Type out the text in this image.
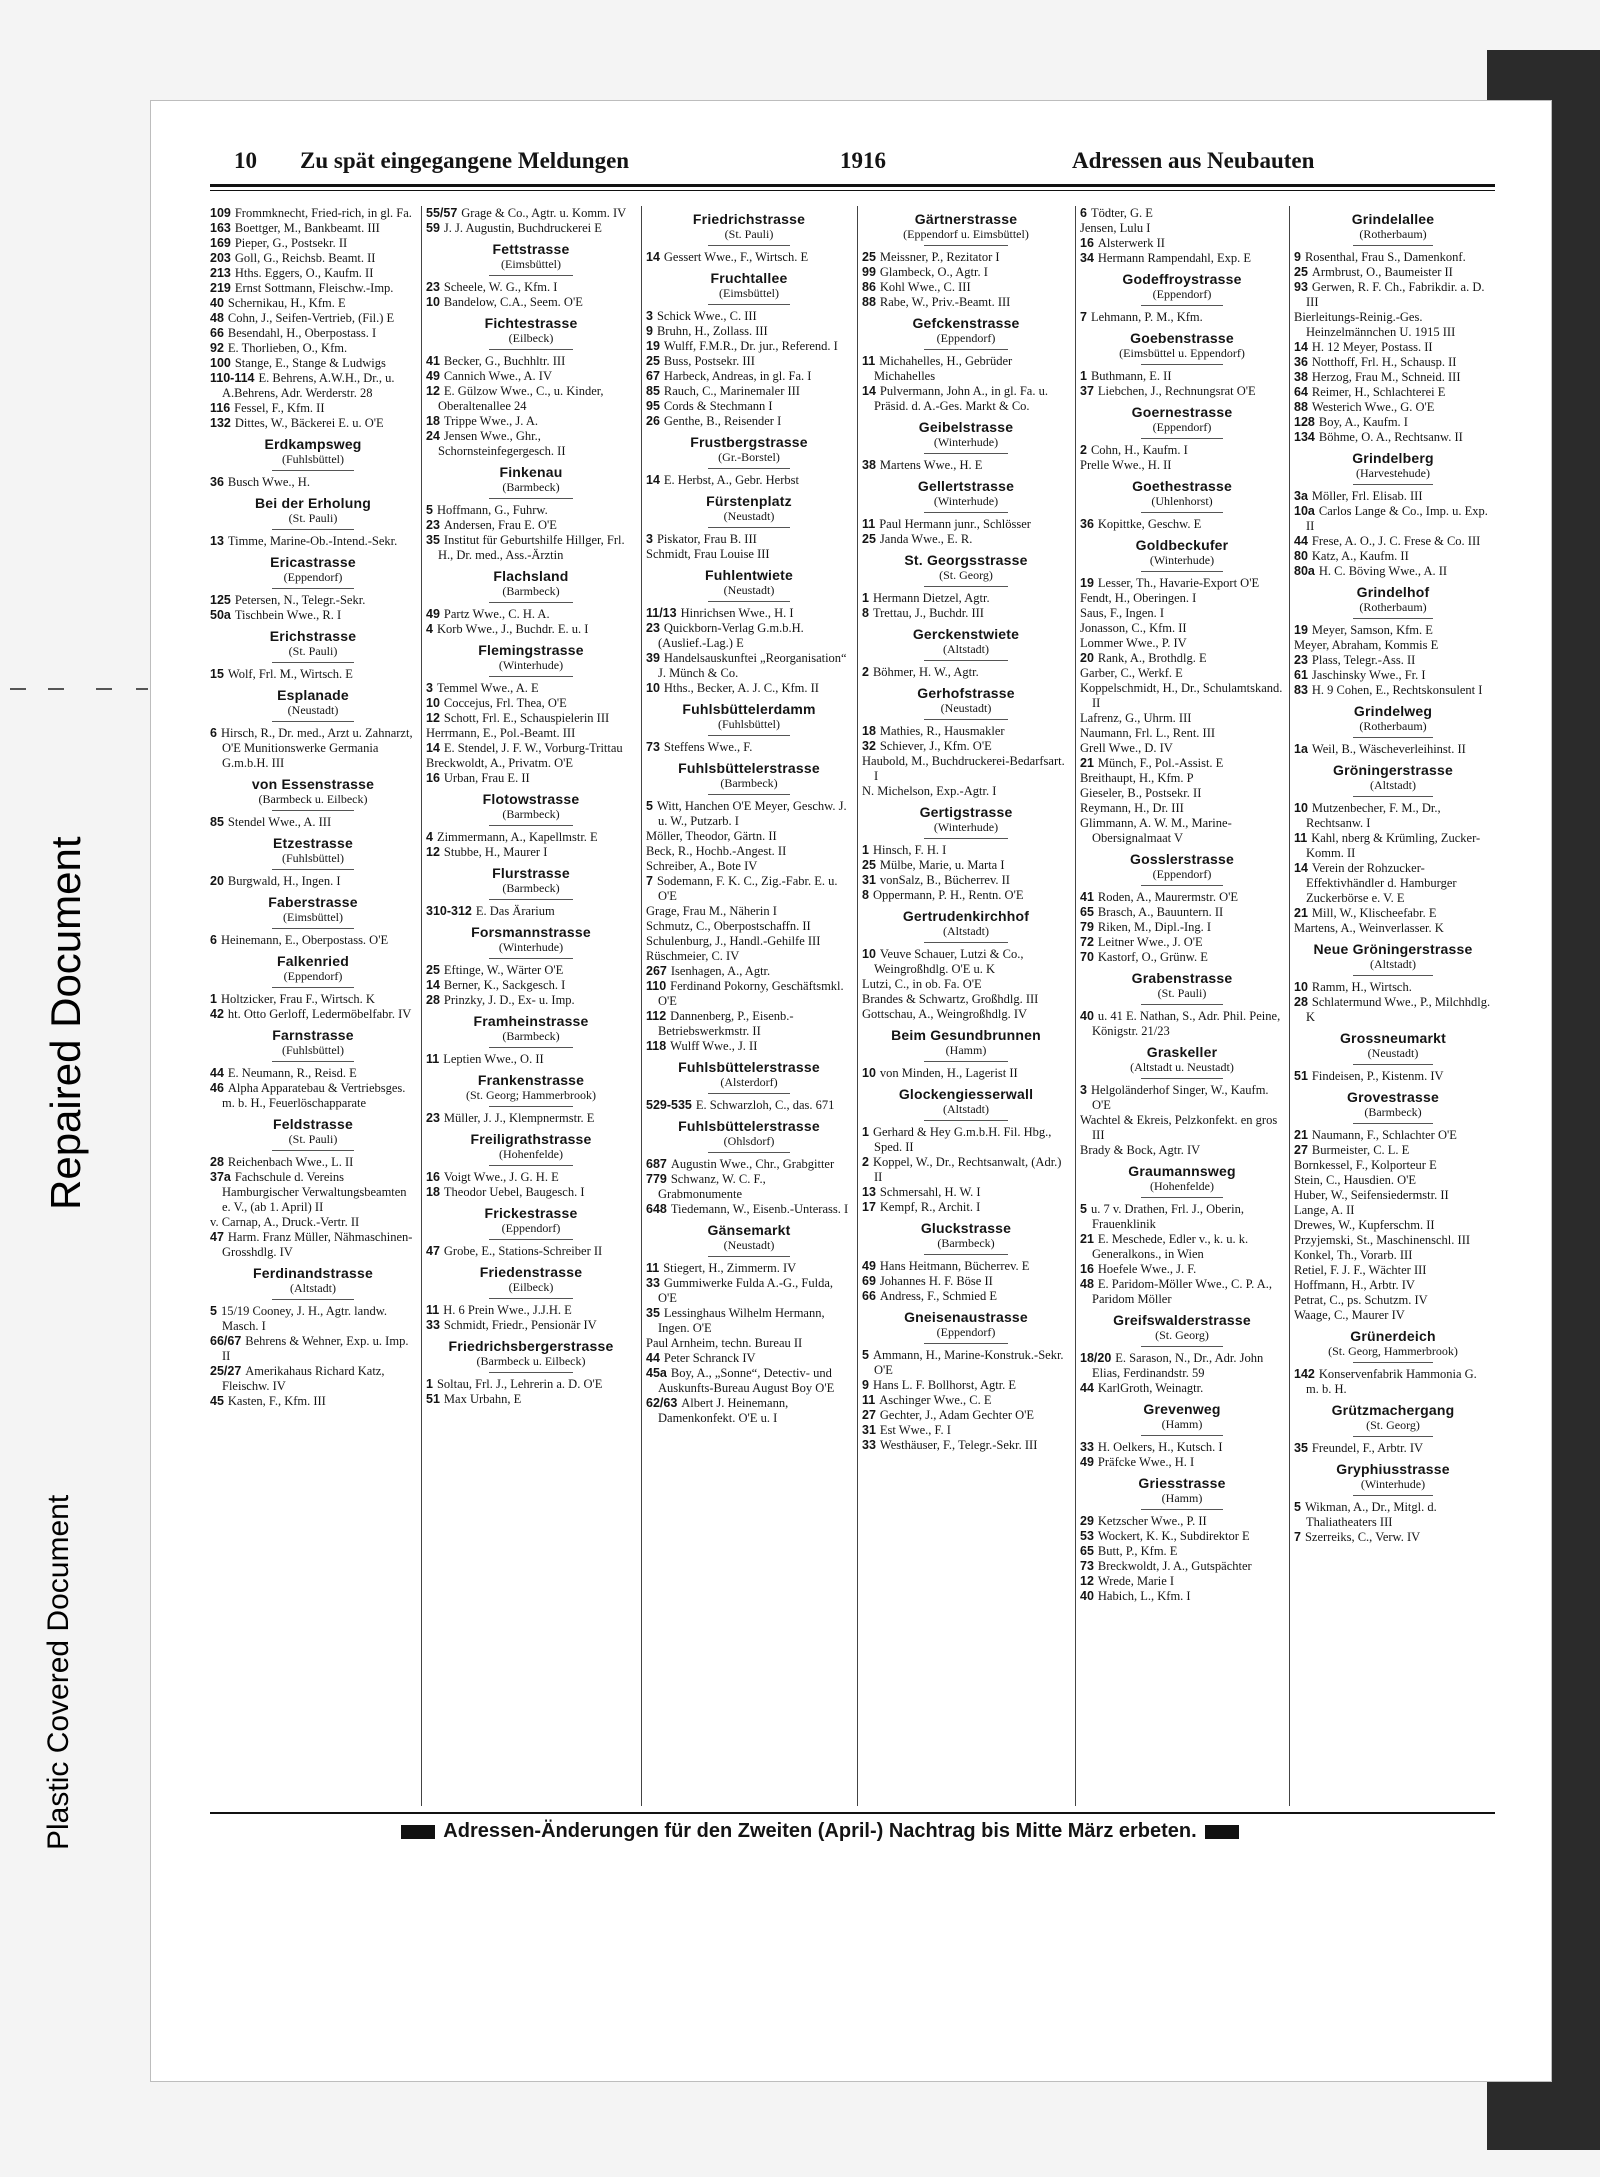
Repaired Document
Plastic Covered Document
10 Zu spät eingegangene Meldungen	1916	Adressen aus Neubauten
109 Frommknecht, Fried-rich, in gl. Fa.
163 Boettger, M., Bankbeamt. III
169 Pieper, G., Postsekr. II
203 Goll, G., Reichsb. Beamt. II
213 Hths. Eggers, O., Kaufm. II
219 Ernst Sottmann, Fleischw.-Imp.
40 Schernikau, H., Kfm. E
48 Cohn, J., Seifen-Vertrieb, (Fil.) E
66 Besendahl, H., Oberpostass. I
92 E. Thorlieben, O., Kfm.
100 Stange, E., Stange & Ludwigs
110-114 E. Behrens, A.W.H., Dr., u. A.Behrens, Adr. Werderstr. 28
116 Fessel, F., Kfm. II
132 Dittes, W., Bäckerei E. u. O'E
Erdkampsweg
(Fuhlsbüttel)
36 Busch Wwe., H.
Bei der Erholung
(St. Pauli)
13 Timme, Marine-Ob.-Intend.-Sekr.
Ericastrasse
(Eppendorf)
125 Petersen, N., Telegr.-Sekr.
50a Tischbein Wwe., R. I
Erichstrasse
(St. Pauli)
15 Wolf, Frl. M., Wirtsch. E
Esplanade
(Neustadt)
6 Hirsch, R., Dr. med., Arzt u. Zahnarzt, O'E Munitionswerke Germania G.m.b.H. III
von Essenstrasse
(Barmbeck u. Eilbeck)
85 Stendel Wwe., A. III
Etzestrasse
(Fuhlsbüttel)
20 Burgwald, H., Ingen. I
Faberstrasse
(Eimsbüttel)
6 Heinemann, E., Oberpostass. O'E
Falkenried
(Eppendorf)
1 Holtzicker, Frau F., Wirtsch. K
42 ht. Otto Gerloff, Ledermöbelfabr. IV
Farnstrasse
(Fuhlsbüttel)
44 E. Neumann, R., Reisd. E
46 Alpha Apparatebau & Vertriebsges. m. b. H., Feuerlöschapparate
Feldstrasse
(St. Pauli)
28 Reichenbach Wwe., L. II
37a Fachschule d. Vereins Hamburgischer Verwaltungsbeamten e. V., (ab 1. April) II
v. Carnap, A., Druck.-Vertr. II
47 Harm. Franz Müller, Nähmaschinen-Grosshdlg. IV
Ferdinandstrasse
(Altstadt)
5 15/19 Cooney, J. H., Agtr. landw. Masch. I
66/67 Behrens & Wehner, Exp. u. Imp. II
25/27 Amerikahaus Richard Katz, Fleischw. IV
45 Kasten, F., Kfm. III
55/57 Grage & Co., Agtr. u. Komm. IV
59 J. J. Augustin, Buchdruckerei E
Fettstrasse
(Eimsbüttel)
23 Scheele, W. G., Kfm. I
10 Bandelow, C.A., Seem. O'E
Fichtestrasse
(Eilbeck)
41 Becker, G., Buchhltr. III
49 Cannich Wwe., A. IV
12 E. Gülzow Wwe., C., u. Kinder, Oberaltenallee 24
18 Trippe Wwe., J. A.
24 Jensen Wwe., Ghr., Schornsteinfegergesch. II
Finkenau
(Barmbeck)
5 Hoffmann, G., Fuhrw.
23 Andersen, Frau E. O'E
35 Institut für Geburtshilfe Hillger, Frl. H., Dr. med., Ass.-Ärztin
Flachsland
(Barmbeck)
49 Partz Wwe., C. H. A.
4 Korb Wwe., J., Buchdr. E. u. I
Flemingstrasse
(Winterhude)
3 Temmel Wwe., A. E
10 Coccejus, Frl. Thea, O'E
12 Schott, Frl. E., Schauspielerin III
Herrmann, E., Pol.-Beamt. III
14 E. Stendel, J. F. W., Vorburg-Trittau
Breckwoldt, A., Privatm. O'E
16 Urban, Frau E. II
Flotowstrasse
(Barmbeck)
4 Zimmermann, A., Kapellmstr. E
12 Stubbe, H., Maurer I
Flurstrasse
(Barmbeck)
310-312 E. Das Ärarium
Forsmannstrasse
(Winterhude)
25 Eftinge, W., Wärter O'E
14 Berner, K., Sackgesch. I
28 Prinzky, J. D., Ex- u. Imp.
Framheinstrasse
(Barmbeck)
11 Leptien Wwe., O. II
Frankenstrasse
(St. Georg; Hammerbrook)
23 Müller, J. J., Klempnermstr. E
Freiligrathstrasse
(Hohenfelde)
16 Voigt Wwe., J. G. H. E
18 Theodor Uebel, Baugesch. I
Frickestrasse
(Eppendorf)
47 Grobe, E., Stations-Schreiber II
Friedenstrasse
(Eilbeck)
11 H. 6 Prein Wwe., J.J.H. E
33 Schmidt, Friedr., Pensionär IV
Friedrichsbergerstrasse
(Barmbeck u. Eilbeck)
1 Soltau, Frl. J., Lehrerin a. D. O'E
51 Max Urbahn, E
Friedrichstrasse
(St. Pauli)
14 Gessert Wwe., F., Wirtsch. E
Fruchtallee
(Eimsbüttel)
3 Schick Wwe., C. III
9 Bruhn, H., Zollass. III
19 Wulff, F.M.R., Dr. jur., Referend. I
25 Buss, Postsekr. III
67 Harbeck, Andreas, in gl. Fa. I
85 Rauch, C., Marinemaler III
95 Cords & Stechmann I
26 Genthe, B., Reisender I
Frustbergstrasse
(Gr.-Borstel)
14 E. Herbst, A., Gebr. Herbst
Fürstenplatz
(Neustadt)
3 Piskator, Frau B. III
Schmidt, Frau Louise III
Fuhlentwiete
(Neustadt)
11/13 Hinrichsen Wwe., H. I
23 Quickborn-Verlag G.m.b.H. (Auslief.-Lag.) E
39 Handelsauskunftei „Reorganisation“ J. Münch & Co.
10 Hths., Becker, A. J. C., Kfm. II
Fuhlsbüttelerdamm
(Fuhlsbüttel)
73 Steffens Wwe., F.
Fuhlsbüttelerstrasse
(Barmbeck)
5 Witt, Hanchen O'E Meyer, Geschw. J. u. W., Putzarb. I
Möller, Theodor, Gärtn. II
Beck, R., Hochb.-Angest. II
Schreiber, A., Bote IV
7 Sodemann, F. K. C., Zig.-Fabr. E. u. O'E
Grage, Frau M., Näherin I
Schmutz, C., Oberpostschaffn. II
Schulenburg, J., Handl.-Gehilfe III
Rüschmeier, C. IV
267 Isenhagen, A., Agtr.
110 Ferdinand Pokorny, Geschäftsmkl. O'E
112 Dannenberg, P., Eisenb.-Betriebswerkmstr. II
118 Wulff Wwe., J. II
Fuhlsbüttelerstrasse
(Alsterdorf)
529-535 E. Schwarzloh, C., das. 671
Fuhlsbüttelerstrasse
(Ohlsdorf)
687 Augustin Wwe., Chr., Grabgitter
779 Schwanz, W. C. F., Grabmonumente
648 Tiedemann, W., Eisenb.-Unterass. I
Gänsemarkt
(Neustadt)
11 Stiegert, H., Zimmerm. IV
33 Gummiwerke Fulda A.-G., Fulda, O'E
35 Lessinghaus Wilhelm Hermann, Ingen. O'E
Paul Arnheim, techn. Bureau II
44 Peter Schranck IV
45a Boy, A., „Sonne“, Detectiv- und Auskunfts-Bureau August Boy O'E
62/63 Albert J. Heinemann, Damenkonfekt. O'E u. I
Gärtnerstrasse
(Eppendorf u. Eimsbüttel)
25 Meissner, P., Rezitator I
99 Glambeck, O., Agtr. I
86 Kohl Wwe., C. III
88 Rabe, W., Priv.-Beamt. III
Gefckenstrasse
(Eppendorf)
11 Michahelles, H., Gebrüder Michahelles
14 Pulvermann, John A., in gl. Fa. u. Präsid. d. A.-Ges. Markt & Co.
Geibelstrasse
(Winterhude)
38 Martens Wwe., H. E
Gellertstrasse
(Winterhude)
11 Paul Hermann junr., Schlösser
25 Janda Wwe., E. R.
St. Georgsstrasse
(St. Georg)
1 Hermann Dietzel, Agtr.
8 Trettau, J., Buchdr. III
Gerckenstwiete
(Altstadt)
2 Böhmer, H. W., Agtr.
Gerhofstrasse
(Neustadt)
18 Mathies, R., Hausmakler
32 Schiever, J., Kfm. O'E
Haubold, M., Buchdruckerei-Bedarfsart. I
N. Michelson, Exp.-Agtr. I
Gertigstrasse
(Winterhude)
1 Hinsch, F. H. I
25 Mülbe, Marie, u. Marta I
31 vonSalz, B., Bücherrev. II
8 Oppermann, P. H., Rentn. O'E
Gertrudenkirchhof
(Altstadt)
10 Veuve Schauer, Lutzi & Co., Weingroßhdlg. O'E u. K
Lutzi, C., in ob. Fa. O'E
Brandes & Schwartz, Großhdlg. III
Gottschau, A., Weingroßhdlg. IV
Beim Gesundbrunnen
(Hamm)
10 von Minden, H., Lagerist II
Glockengiesserwall
(Altstadt)
1 Gerhard & Hey G.m.b.H. Fil. Hbg., Sped. II
2 Koppel, W., Dr., Rechtsanwalt, (Adr.) II
13 Schmersahl, H. W. I
17 Kempf, R., Archit. I
Gluckstrasse
(Barmbeck)
49 Hans Heitmann, Bücherrev. E
69 Johannes H. F. Böse II
66 Andress, F., Schmied E
Gneisenaustrasse
(Eppendorf)
5 Ammann, H., Marine-Konstruk.-Sekr. O'E
9 Hans L. F. Bollhorst, Agtr. E
11 Aschinger Wwe., C. E
27 Gechter, J., Adam Gechter O'E
31 Est Wwe., F. I
33 Westhäuser, F., Telegr.-Sekr. III
6 Tödter, G. E
Jensen, Lulu I
16 Alsterwerk II
34 Hermann Rampendahl, Exp. E
Godeffroystrasse
(Eppendorf)
7 Lehmann, P. M., Kfm.
Goebenstrasse
(Eimsbüttel u. Eppendorf)
1 Buthmann, E. II
37 Liebchen, J., Rechnungsrat O'E
Goernestrasse
(Eppendorf)
2 Cohn, H., Kaufm. I
Prelle Wwe., H. II
Goethestrasse
(Uhlenhorst)
36 Kopittke, Geschw. E
Goldbeckufer
(Winterhude)
19 Lesser, Th., Havarie-Export O'E
Fendt, H., Oberingen. I
Saus, F., Ingen. I
Jonasson, C., Kfm. II
Lommer Wwe., P. IV
20 Rank, A., Brothdlg. E
Garber, C., Werkf. E
Koppelschmidt, H., Dr., Schulamtskand. II
Lafrenz, G., Uhrm. III
Naumann, Frl. L., Rent. III
Grell Wwe., D. IV
21 Münch, F., Pol.-Assist. E
Breithaupt, H., Kfm. P
Gieseler, B., Postsekr. II
Reymann, H., Dr. III
Glimmann, A. W. M., Marine-Obersignalmaat V
Gosslerstrasse
(Eppendorf)
41 Roden, A., Maurermstr. O'E
65 Brasch, A., Bauuntern. II
79 Riken, M., Dipl.-Ing. I
72 Leitner Wwe., J. O'E
70 Kastorf, O., Grünw. E
Grabenstrasse
(St. Pauli)
40 u. 41 E. Nathan, S., Adr. Phil. Peine, Königstr. 21/23
Graskeller
(Altstadt u. Neustadt)
3 Helgoländerhof Singer, W., Kaufm. O'E
Wachtel & Ekreis, Pelzkonfekt. en gros III
Brady & Bock, Agtr. IV
Graumannsweg
(Hohenfelde)
5 u. 7 v. Drathen, Frl. J., Oberin, Frauenklinik
21 E. Meschede, Edler v., k. u. k. Generalkons., in Wien
16 Hoefele Wwe., J. F.
48 E. Paridom-Möller Wwe., C. P. A., Paridom Möller
Greifswalderstrasse
(St. Georg)
18/20 E. Sarason, N., Dr., Adr. John Elias, Ferdinandstr. 59
44 KarlGroth, Weinagtr.
Grevenweg
(Hamm)
33 H. Oelkers, H., Kutsch. I
49 Präfcke Wwe., H. I
Griesstrasse
(Hamm)
29 Ketzscher Wwe., P. II
53 Wockert, K. K., Subdirektor E
65 Butt, P., Kfm. E
73 Breckwoldt, J. A., Gutspächter
12 Wrede, Marie I
40 Habich, L., Kfm. I
Grindelallee
(Rotherbaum)
9 Rosenthal, Frau S., Damenkonf.
25 Armbrust, O., Baumeister II
93 Gerwen, R. F. Ch., Fabrikdir. a. D. III
Bierleitungs-Reinig.-Ges. Heinzelmännchen U. 1915 III
14 H. 12 Meyer, Postass. II
36 Notthoff, Frl. H., Schausp. II
38 Herzog, Frau M., Schneid. III
64 Reimer, H., Schlachterei E
88 Westerich Wwe., G. O'E
128 Boy, A., Kaufm. I
134 Böhme, O. A., Rechtsanw. II
Grindelberg
(Harvestehude)
3a Möller, Frl. Elisab. III
10a Carlos Lange & Co., Imp. u. Exp. II
44 Frese, A. O., J. C. Frese & Co. III
80 Katz, A., Kaufm. II
80a H. C. Böving Wwe., A. II
Grindelhof
(Rotherbaum)
19 Meyer, Samson, Kfm. E
Meyer, Abraham, Kommis E
23 Plass, Telegr.-Ass. II
61 Jaschinsky Wwe., Fr. I
83 H. 9 Cohen, E., Rechtskonsulent I
Grindelweg
(Rotherbaum)
1a Weil, B., Wäscheverleihinst. II
Gröningerstrasse
(Altstadt)
10 Mutzenbecher, F. M., Dr., Rechtsanw. I
11 Kahl, nberg & Krümling, Zucker-Komm. II
14 Verein der Rohzucker-Effektivhändler d. Hamburger Zuckerbörse e. V. E
21 Mill, W., Klischeefabr. E
Martens, A., Weinverlasser. K
Neue Gröningerstrasse
(Altstadt)
10 Ramm, H., Wirtsch.
28 Schlatermund Wwe., P., Milchhdlg. K
Grossneumarkt
(Neustadt)
51 Findeisen, P., Kistenm. IV
Grovestrasse
(Barmbeck)
21 Naumann, F., Schlachter O'E
27 Burmeister, C. L. E
Bornkessel, F., Kolporteur E
Stein, C., Hausdien. O'E
Huber, W., Seifensiedermstr. II
Lange, A. II
Drewes, W., Kupferschm. II
Przyjemski, St., Maschinenschl. III
Konkel, Th., Vorarb. III
Retiel, F. J. F., Wächter III
Hoffmann, H., Arbtr. IV
Petrat, C., ps. Schutzm. IV
Waage, C., Maurer IV
Grünerdeich
(St. Georg, Hammerbrook)
142 Konservenfabrik Hammonia G. m. b. H.
Grützmachergang
(St. Georg)
35 Freundel, F., Arbtr. IV
Gryphiusstrasse
(Winterhude)
5 Wikman, A., Dr., Mitgl. d. Thaliatheaters III
7 Szerreiks, C., Verw. IV
Adressen-Änderungen für den Zweiten (April-) Nachtrag bis Mitte März erbeten.
